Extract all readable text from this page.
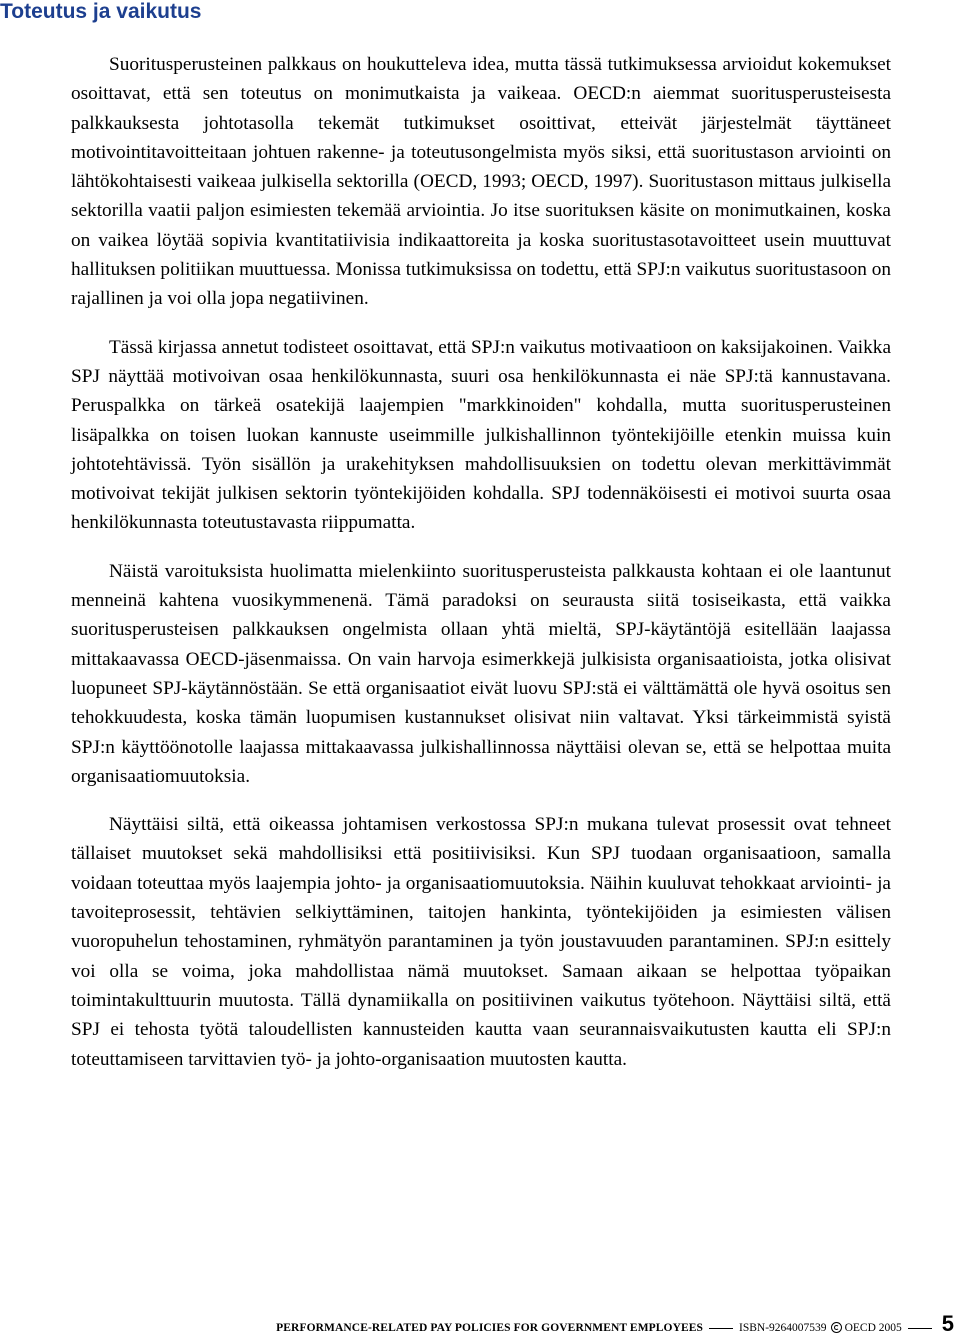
Toteutus ja vaikutus

Suoritusperusteinen palkkaus on houkutteleva idea, mutta tässä tutkimuksessa arvioidut kokemukset osoittavat, että sen toteutus on monimutkaista ja vaikeaa. OECD:n aiemmat suoritusperusteisesta palkkauksesta johtotasolla tekemät tutkimukset osoittivat, etteivät järjestelmät täyttäneet motivointitavoitteitaan johtuen rakenne- ja toteutusongelmista myös siksi, että suoritustason arviointi on lähtökohtaisesti vaikeaa julkisella sektorilla (OECD, 1993; OECD, 1997). Suoritustason mittaus julkisella sektorilla vaatii paljon esimiesten tekemää arviointia. Jo itse suorituksen käsite on monimutkainen, koska on vaikea löytää sopivia kvantitatiivisia indikaattoreita ja koska suoritustasotavoitteet usein muuttuvat hallituksen politiikan muuttuessa. Monissa tutkimuksissa on todettu, että SPJ:n vaikutus suoritustasoon on rajallinen ja voi olla jopa negatiivinen.

Tässä kirjassa annetut todisteet osoittavat, että SPJ:n vaikutus motivaatioon on kaksijakoinen. Vaikka SPJ näyttää motivoivan osaa henkilökunnasta, suuri osa henkilökunnasta ei näe SPJ:tä kannustavana. Peruspalkka on tärkeä osatekijä laajempien "markkinoiden" kohdalla, mutta suoritusperusteinen lisäpalkka on toisen luokan kannuste useimmille julkishallinnon työntekijöille etenkin muissa kuin johtotehtävissä. Työn sisällön ja urakehityksen mahdollisuuksien on todettu olevan merkittävimmät motivoivat tekijät julkisen sektorin työntekijöiden kohdalla. SPJ todennäköisesti ei motivoi suurta osaa henkilökunnasta toteutustavasta riippumatta.

Näistä varoituksista huolimatta mielenkiinto suoritusperusteista palkkausta kohtaan ei ole laantunut menneinä kahtena vuosikymmenenä. Tämä paradoksi on seurausta siitä tosiseikasta, että vaikka suoritusperusteisen palkkauksen ongelmista ollaan yhtä mieltä, SPJ-käytäntöjä esitellään laajassa mittakaavassa OECD-jäsenmaissa. On vain harvoja esimerkkejä julkisista organisaatioista, jotka olisivat luopuneet SPJ-käytännöstään. Se että organisaatiot eivät luovu SPJ:stä ei välttämättä ole hyvä osoitus sen tehokkuudesta, koska tämän luopumisen kustannukset olisivat niin valtavat. Yksi tärkeimmistä syistä SPJ:n käyttöönotolle laajassa mittakaavassa julkishallinnossa näyttäisi olevan se, että se helpottaa muita organisaatiomuutoksia.

Näyttäisi siltä, että oikeassa johtamisen verkostossa SPJ:n mukana tulevat prosessit ovat tehneet tällaiset muutokset sekä mahdollisiksi että positiivisiksi. Kun SPJ tuodaan organisaatioon, samalla voidaan toteuttaa myös laajempia johto- ja organisaatiomuutoksia. Näihin kuuluvat tehokkaat arviointi- ja tavoiteprosessit, tehtävien selkiyttäminen, taitojen hankinta, työntekijöiden ja esimiesten välisen vuoropuhelun tehostaminen, ryhmätyön parantaminen ja työn joustavuuden parantaminen. SPJ:n esittely voi olla se voima, joka mahdollistaa nämä muutokset. Samaan aikaan se helpottaa työpaikan toimintakulttuurin muutosta. Tällä dynamiikalla on positiivinen vaikutus työtehoon. Näyttäisi siltä, että SPJ ei tehosta työtä taloudellisten kannusteiden kautta vaan seurannaisvaikutusten kautta eli SPJ:n toteuttamiseen tarvittavien työ- ja johto-organisaation muutosten kautta.

PERFORMANCE-RELATED PAY POLICIES FOR GOVERNMENT EMPLOYEES	ISBN-9264007539 OECD 2005 5
